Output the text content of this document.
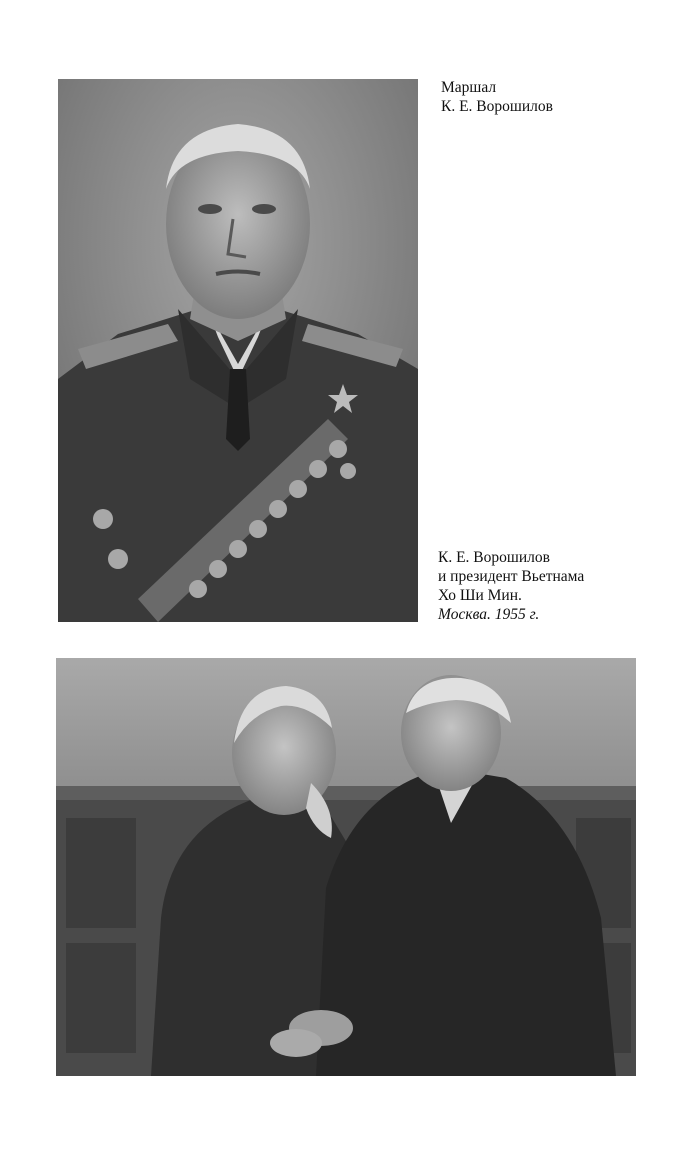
Маршал
К. Е. Ворошилов
К. Е. Ворошилов
и президент Вьетнама
Хо Ши Мин.
Москва. 1955 г.
